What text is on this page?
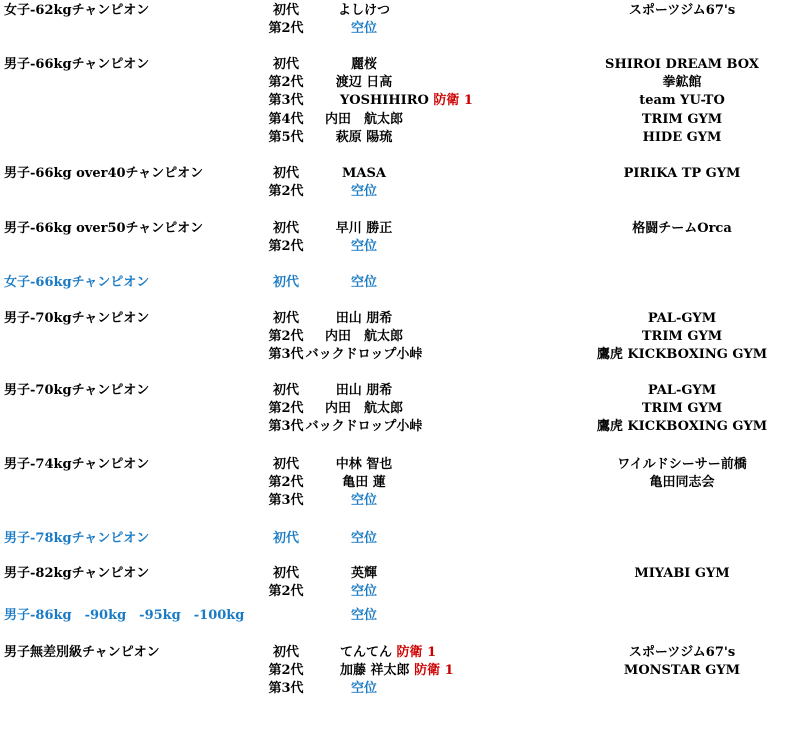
女子-62kgチャンピオン	初代	よしけつ	スポーツジム67's
第2代	空位
男子-66kgチャンピオン	初代	麗桜	SHIROI DREAM BOX
第2代 渡辺 日高	拳鉱館
第3代	YOSHIHIRO 防衛 1	team YU-TO
第4代 内田　航太郎	TRIM GYM
第5代 萩原 陽琉	HIDE GYM
男子-66kg over40チャンピオン	初代	MASA	PIRIKA TP GYM
第2代	空位
男子-66kg over50チャンピオン	初代	早川 勝正	格闘チームOrca
第2代	空位
女子-66kgチャンピオン	初代	空位
男子-70kgチャンピオン	初代	田山 朋希	PAL-GYM
第2代 内田　航太郎	TRIM GYM
第3代 バックドロップ小峠	鷹虎 KICKBOXING GYM
男子-70kgチャンピオン	初代	田山 朋希	PAL-GYM
第2代 内田　航太郎	TRIM GYM
第3代 バックドロップ小峠	鷹虎 KICKBOXING GYM
男子-74kgチャンピオン	初代	中林 智也	ワイルドシーサー前橋
第2代	亀田 蓮	亀田同志会
第3代	空位
男子-78kgチャンピオン	初代	空位
男子-82kgチャンピオン	初代	英輝	MIYABI GYM
第2代	空位
男子-86kg　-90kg　-95kg　-100kg	空位
男子無差別級チャンピオン	初代	てんてん 防衛 1	スポーツジム67's
第2代	加藤 祥太郎 防衛 1	MONSTAR GYM
第3代	空位
